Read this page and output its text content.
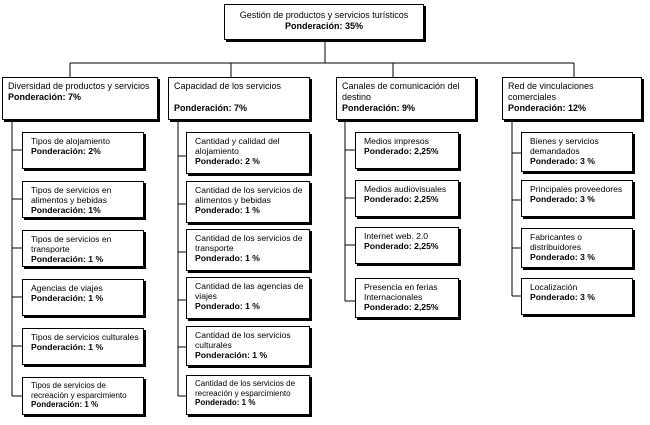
Gestión de productos y servicios turísticos
Ponderación: 35%
Diversidad de productos y servicios
Ponderación: 7%
Tipos de alojamiento
Ponderación: 2%
Tipos de servicios en alimentos y bebidas
Ponderación: 1%
Tipos de servicios en transporte
Ponderación: 1 %
Agencias de viajes
Ponderación: 1 %
Tipos de servicios culturales
Ponderación: 1 %
Tipos de servicios de recreación y esparcimiento
Ponderación: 1 %
Capacidad de los servicios
Ponderación: 7%
Cantidad y calidad del alojamiento
Ponderado: 2 %
Cantidad de los servicios de alimentos y bebidas
Ponderado: 1 %
Cantidad de los servicios de transporte
Ponderado: 1 %
Cantidad de las agencias de viajes
Ponderado: 1 %
Cantidad de los servicios culturales
Ponderación: 1 %
Cantidad de los servicios de recreación y esparcimiento
Ponderado: 1 %
Canales de comunicación del destino
Ponderación: 9%
Medios impresos
Ponderado: 2,25%
Medios audiovisuales
Ponderado: 2,25%
Internet web. 2.0
Ponderado: 2,25%
Presencia en ferias Internacionales
Ponderado: 2,25%
Red de vinculaciones comerciales
Ponderación: 12%
Bienes y servicios demandados
Ponderado: 3 %
Principales proveedores
Ponderado: 3 %
Fabricantes o distribuidores
Ponderado: 3 %
Localización
Ponderado: 3 %
